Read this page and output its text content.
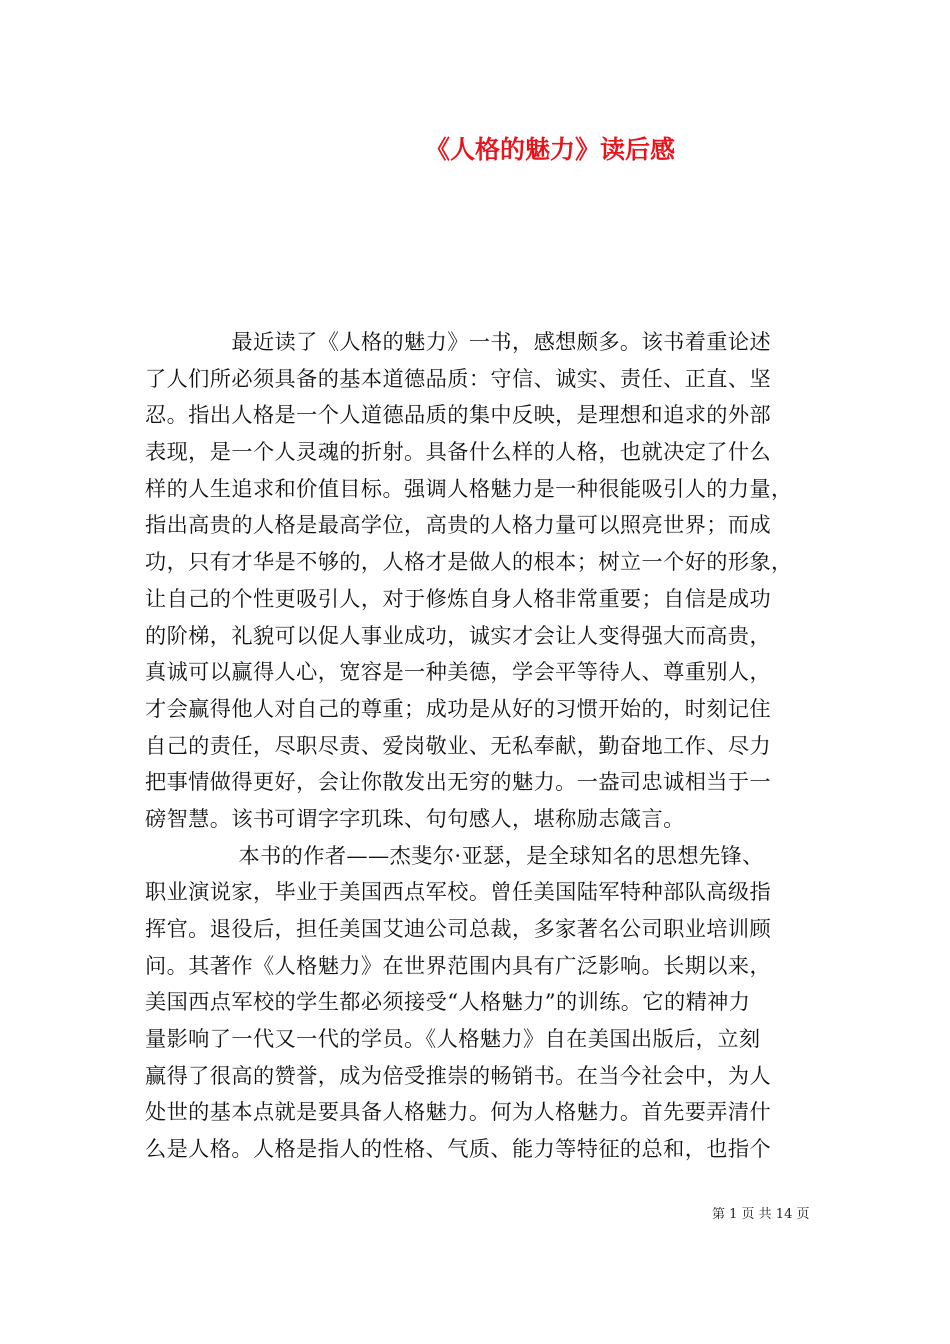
《人格的魅力》读后感
　　　　最近读了《人格的魅力》一书，感想颇多。该书着重论述
了人们所必须具备的基本道德品质：守信、诚实、责任、正直、坚
忍。指出人格是一个人道德品质的集中反映，是理想和追求的外部
表现，是一个人灵魂的折射。具备什么样的人格，也就决定了什么
样的人生追求和价值目标。强调人格魅力是一种很能吸引人的力量，
指出高贵的人格是最高学位，高贵的人格力量可以照亮世界；而成
功，只有才华是不够的，人格才是做人的根本；树立一个好的形象，
让自己的个性更吸引人，对于修炼自身人格非常重要；自信是成功
的阶梯，礼貌可以促人事业成功，诚实才会让人变得强大而高贵，
真诚可以赢得人心，宽容是一种美德，学会平等待人、尊重别人，
才会赢得他人对自己的尊重；成功是从好的习惯开始的，时刻记住
自己的责任，尽职尽责、爱岗敬业、无私奉献，勤奋地工作、尽力
把事情做得更好，会让你散发出无穷的魅力。一盎司忠诚相当于一
磅智慧。该书可谓字字玑珠、句句感人，堪称励志箴言。
　　　　 本书的作者——杰斐尔·亚瑟，是全球知名的思想先锋、
职业演说家，毕业于美国西点军校。曾任美国陆军特种部队高级指
挥官。退役后，担任美国艾迪公司总裁，多家著名公司职业培训顾
问。其著作《人格魅力》在世界范围内具有广泛影响。长期以来，
美国西点军校的学生都必须接受“人格魅力”的训练。它的精神力
量影响了一代又一代的学员。《人格魅力》自在美国出版后，立刻
赢得了很高的赞誉，成为倍受推崇的畅销书。在当今社会中，为人
处世的基本点就是要具备人格魅力。何为人格魅力。首先要弄清什
么是人格。人格是指人的性格、气质、能力等特征的总和，也指个
第 1 页 共 14 页
